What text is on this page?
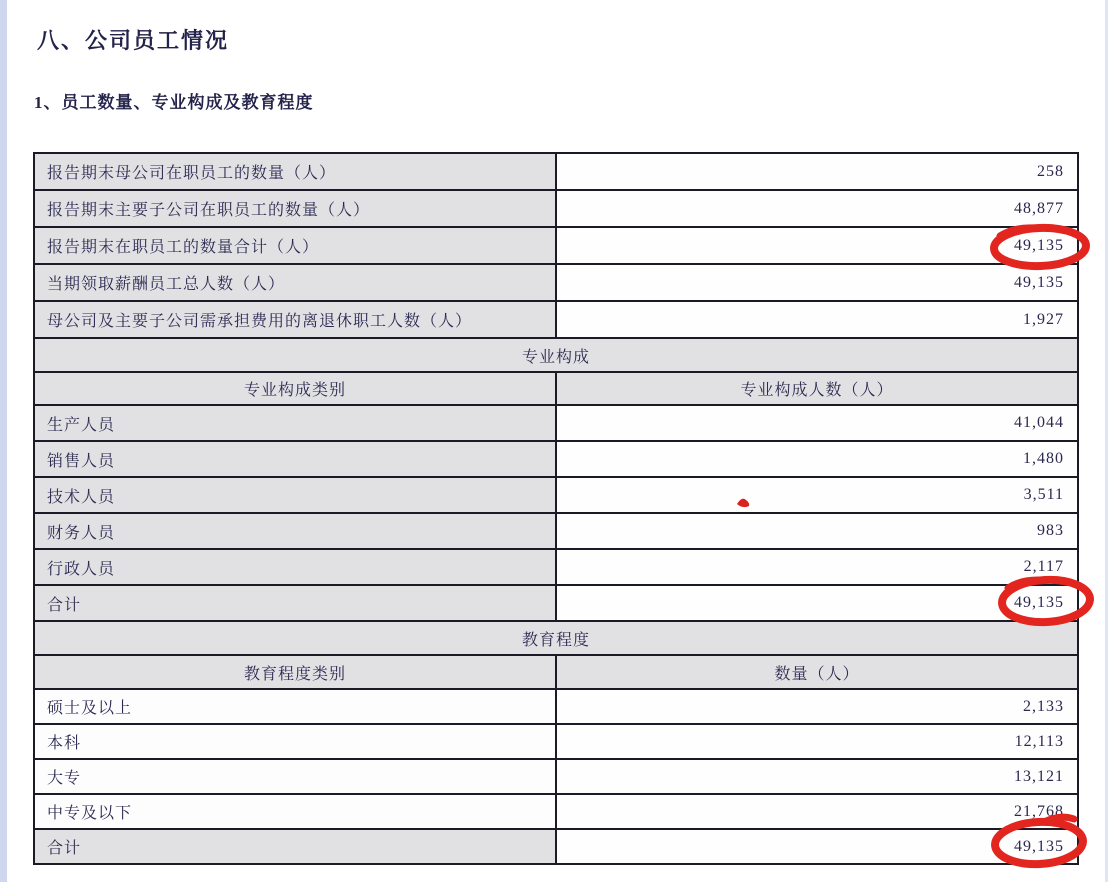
八、公司员工情况
1、员工数量、专业构成及教育程度
报告期末母公司在职员工的数量（人）	258
报告期末主要子公司在职员工的数量（人）	48,877
报告期末在职员工的数量合计（人）	49,135
当期领取薪酬员工总人数（人）	49,135
母公司及主要子公司需承担费用的离退休职工人数（人）	1,927
专业构成	
专业构成类别	专业构成人数（人）
生产人员	41,044
销售人员	1,480
技术人员	3,511
财务人员	983
行政人员	2,117
合计	49,135
教育程度	
教育程度类别	数量（人）
硕士及以上	2,133
本科	12,113
大专	13,121
中专及以下	21,768
合计	49,135
